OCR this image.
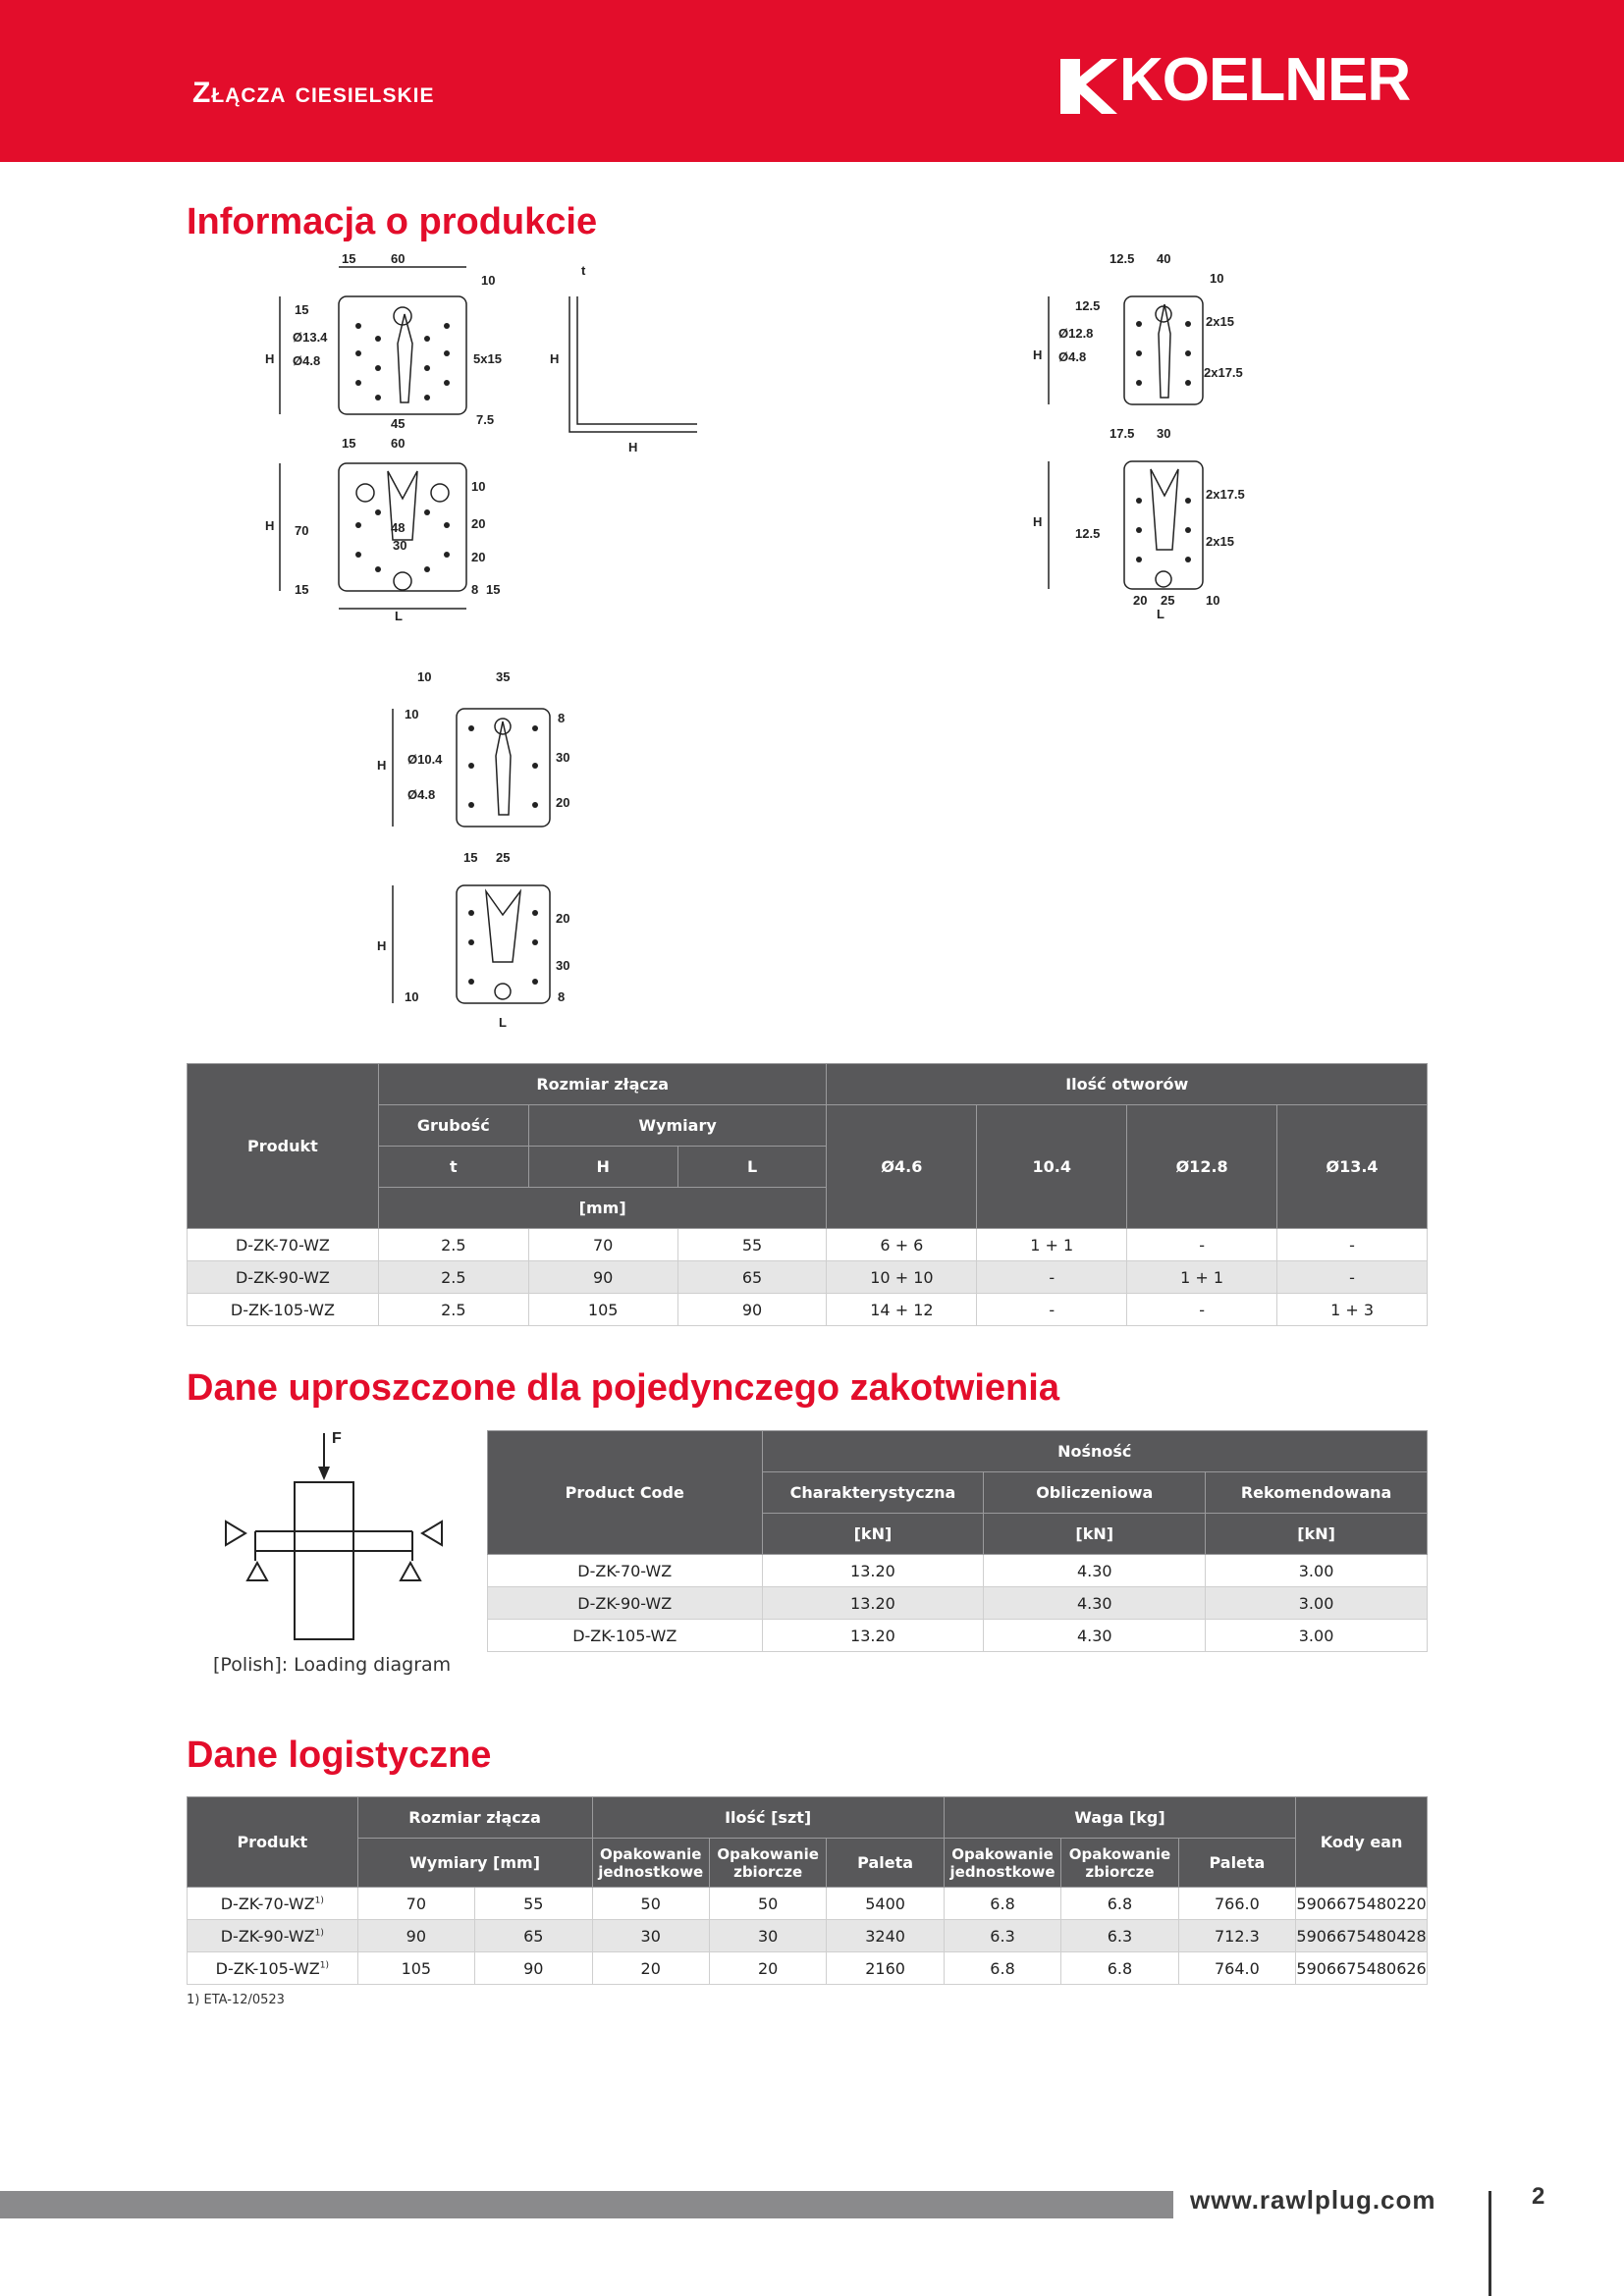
Złącza ciesielskie	KOELNER
Informacja o produkcie
15	60
10
15
Ø13.4
Ø4.8	5x15
45	7.5
H
t
H
H
15	60
10
H 70	48	20
30
20
15	8 15
L
12.5 40
10
12.5
2x15
Ø12.8
Ø4.8
2x17.5
H
17.5 30
H
12.5
2x17.5
2x15
20 25 10
L
10	35
10	8
Ø10.4	30
Ø4.8
20
H
15 25
H
20
30
10	8
L
Produkt	Rozmiar złącza			Ilość otworów			
	Grubość	Wymiary		Ø4.6	10.4	Ø12.8	Ø13.4
	t	H	L				
	[mm]						
D-ZK-70-WZ	2.5	70	55	6 + 6	1 + 1	-	-
D-ZK-90-WZ	2.5	90	65	10 + 10	-	1 + 1	-
D-ZK-105-WZ	2.5	105	90	14 + 12	-	-	1 + 3
Dane uproszczone dla pojedynczego zakotwienia
F
[Polish]: Loading diagram
Product Code	Nośność		
	Charakterystyczna	Obliczeniowa	Rekomendowana
	[kN]	[kN]	[kN]
D-ZK-70-WZ	13.20	4.30	3.00
D-ZK-90-WZ	13.20	4.30	3.00
D-ZK-105-WZ	13.20	4.30	3.00
Dane logistyczne
Produkt	Rozmiar złącza		Ilość [szt]			Waga [kg]			Kody ean
	Wymiary [mm]		Opakowanie jednostkowe	Opakowanie zbiorcze	Paleta	Opakowanie jednostkowe	Opakowanie zbiorcze	Paleta	
D-ZK-70-WZ$^{1)}$	70	55	50	50	5400	6.8	6.8	766.0	5906675480220
D-ZK-90-WZ$^{1)}$	90	65	30	30	3240	6.3	6.3	712.3	5906675480428
D-ZK-105-WZ$^{1)}$	105	90	20	20	2160	6.8	6.8	764.0	5906675480626
1) ETA-12/0523
www.rawlplug.com	2
